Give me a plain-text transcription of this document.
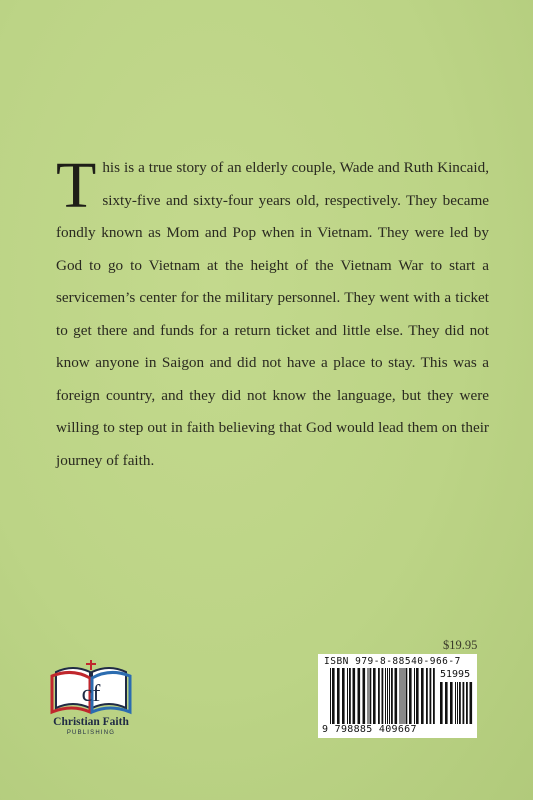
This is a true story of an elderly couple, Wade and Ruth Kincaid, sixty-five and sixty-four years old, respectively. They became fondly known as Mom and Pop when in Vietnam. They were led by God to go to Vietnam at the height of the Vietnam War to start a servicemen’s center for the military personnel. They went with a ticket to get there and funds for a return ticket and little else. They did not know anyone in Saigon and did not have a place to stay. This was a foreign country, and they did not know the language, but they were willing to step out in faith believing that God would lead them on their journey of faith.

$19.95
ISBN 979-8-88540-966-7
51995
9 798885 409667
cf
Christian Faith
PUBLISHING
